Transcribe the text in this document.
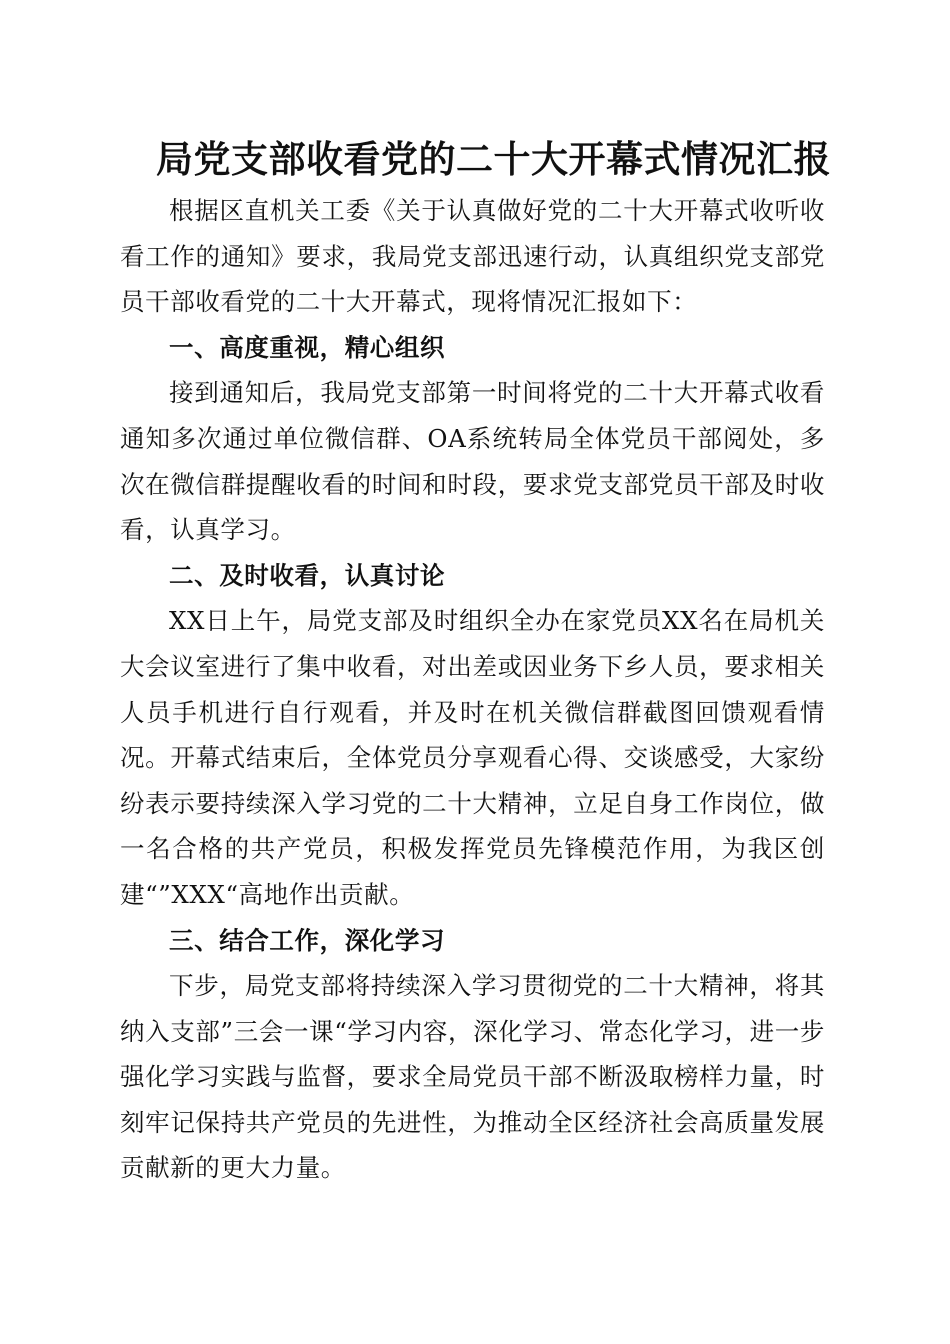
局党支部收看党的二十大开幕式情况汇报

根据区直机关工委《关于认真做好党的二十大开幕式收听收看工作的通知》要求，我局党支部迅速行动，认真组织党支部党员干部收看党的二十大开幕式，现将情况汇报如下：

一、高度重视，精心组织

接到通知后，我局党支部第一时间将党的二十大开幕式收看通知多次通过单位微信群、OA系统转局全体党员干部阅处，多次在微信群提醒收看的时间和时段，要求党支部党员干部及时收看，认真学习。

二、及时收看，认真讨论

XX日上午，局党支部及时组织全办在家党员XX名在局机关大会议室进行了集中收看，对出差或因业务下乡人员，要求相关人员手机进行自行观看，并及时在机关微信群截图回馈观看情况。开幕式结束后，全体党员分享观看心得、交谈感受，大家纷纷表示要持续深入学习党的二十大精神，立足自身工作岗位，做一名合格的共产党员，积极发挥党员先锋模范作用，为我区创建“”XXX“高地作出贡献。

三、结合工作，深化学习

下步，局党支部将持续深入学习贯彻党的二十大精神，将其纳入支部”三会一课“学习内容，深化学习、常态化学习，进一步强化学习实践与监督，要求全局党员干部不断汲取榜样力量，时刻牢记保持共产党员的先进性，为推动全区经济社会高质量发展贡献新的更大力量。
